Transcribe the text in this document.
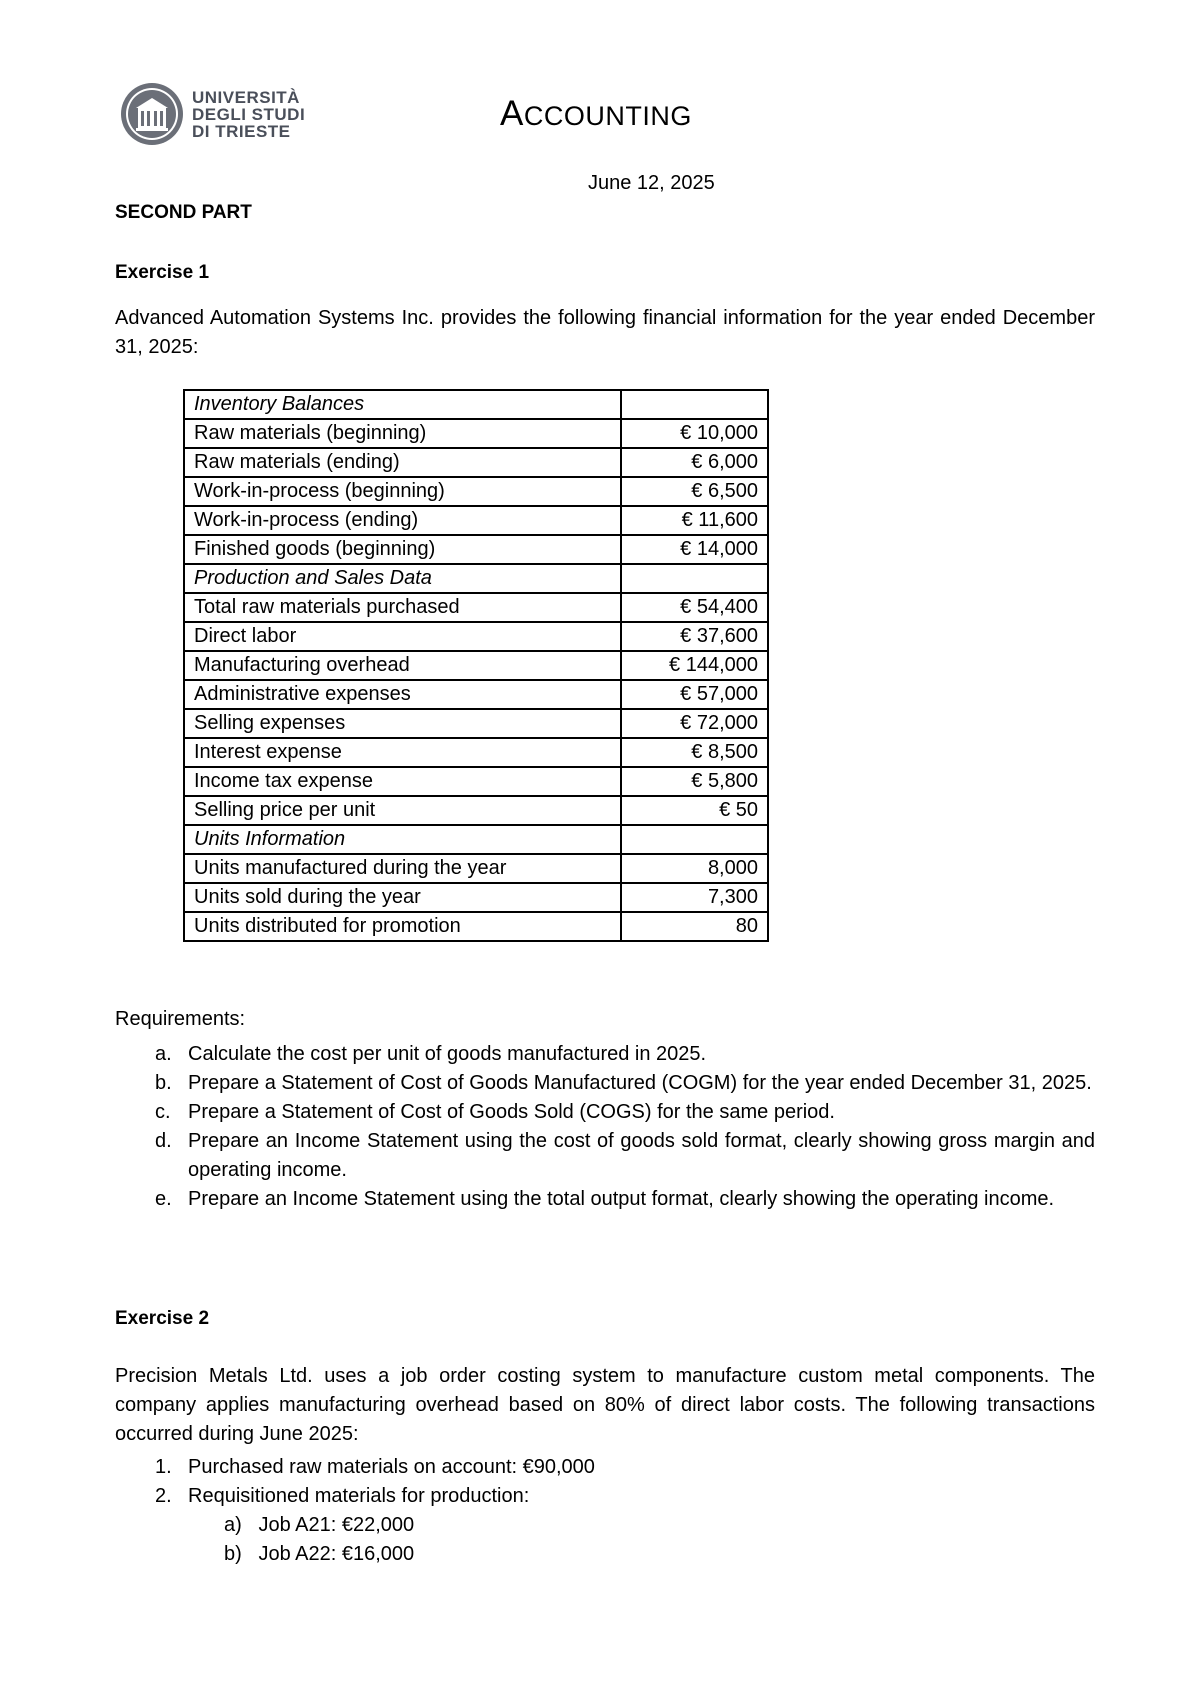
UNIVERSITÀ
DEGLI STUDI
DI TRIESTE	ACCOUNTING
June 12, 2025
SECOND PART
Exercise 1
Advanced Automation Systems Inc. provides the following financial information for the year ended December 31, 2025:
Inventory Balances	
Raw materials (beginning)	€ 10,000
Raw materials (ending)	€ 6,000
Work-in-process (beginning)	€ 6,500
Work-in-process (ending)	€ 11,600
Finished goods (beginning)	€ 14,000
Production and Sales Data	
Total raw materials purchased	€ 54,400
Direct labor	€ 37,600
Manufacturing overhead	€ 144,000
Administrative expenses	€ 57,000
Selling expenses	€ 72,000
Interest expense	€ 8,500
Income tax expense	€ 5,800
Selling price per unit	€ 50
Units Information	
Units manufactured during the year	8,000
Units sold during the year	7,300
Units distributed for promotion	80
Requirements:
a. Calculate the cost per unit of goods manufactured in 2025.
b. Prepare a Statement of Cost of Goods Manufactured (COGM) for the year ended December 31, 2025.
c. Prepare a Statement of Cost of Goods Sold (COGS) for the same period.
d. Prepare an Income Statement using the cost of goods sold format, clearly showing gross margin and operating income.
e. Prepare an Income Statement using the total output format, clearly showing the operating income.
Exercise 2
Precision Metals Ltd. uses a job order costing system to manufacture custom metal components. The company applies manufacturing overhead based on 80% of direct labor costs. The following transactions occurred during June 2025:
1. Purchased raw materials on account: €90,000
2. Requisitioned materials for production:
a)   Job A21: €22,000
b)   Job A22: €16,000
